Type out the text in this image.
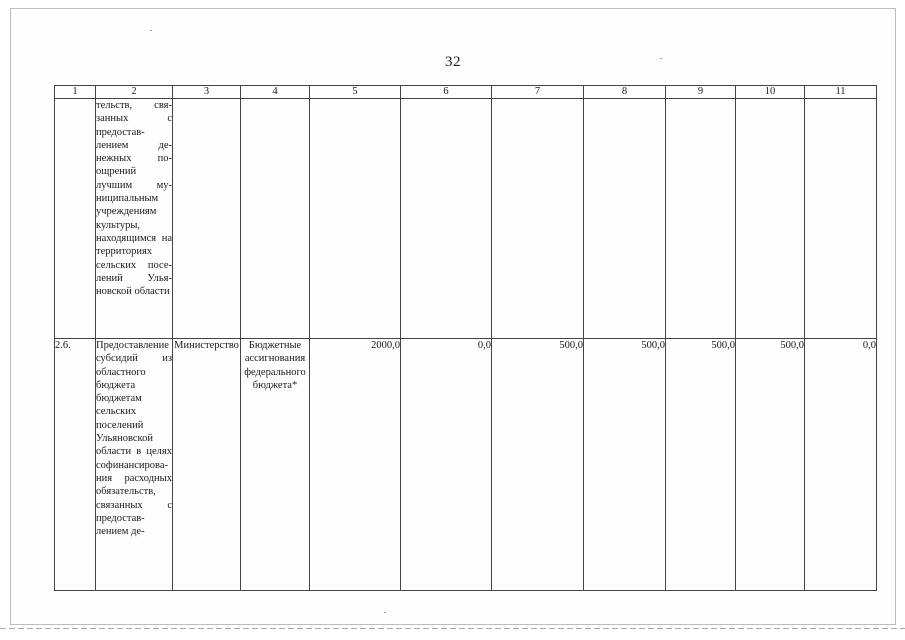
32
1	2	3	4	5	6	7	8	9	10	11
	тельств, связанных с предоставлением денежных поощрений лучшим муниципальным учреждениям культуры, находящимся на территориях сельских поселений Ульяновской области									
2.6.	Предоставление субсидий из областного бюджета бюджетам сельских поселений Ульяновской области в целях софинансирования расходных обязательств, связанных с предоставлением де-	Министерство	Бюджетные ассигнования федерального бюджета*	2000,0	0,0	500,0	500,0	500,0	500,0	0,0
